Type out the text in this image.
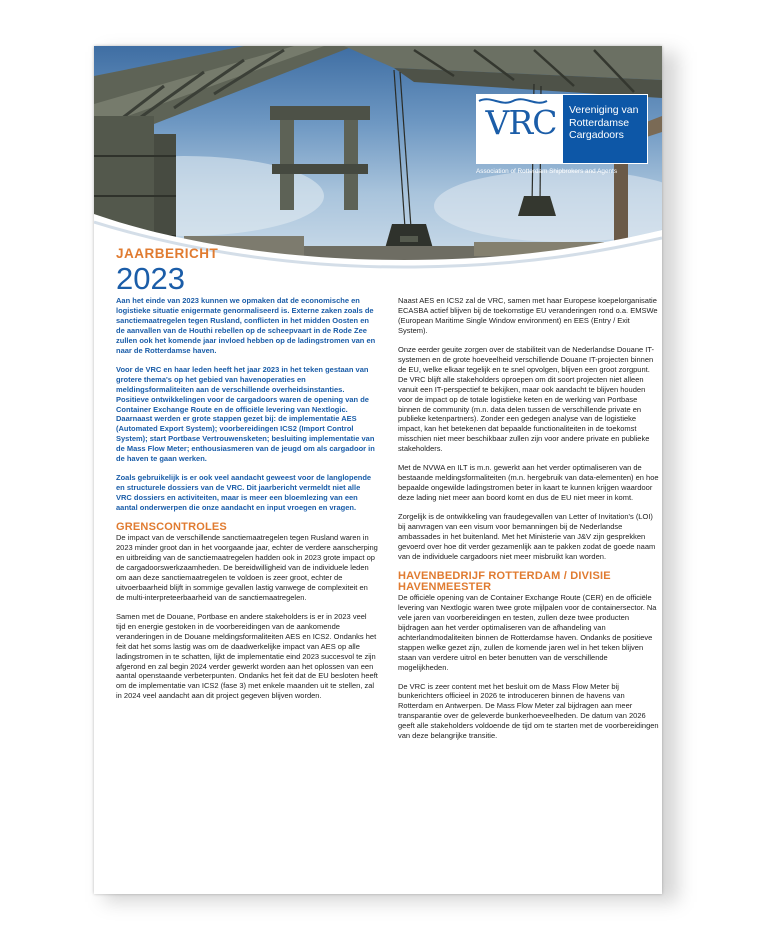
VRC	Vereniging van Rotterdamse Cargadoors
Association of Rotterdam Shipbrokers and Agents
JAARBERICHT
2023

Aan het einde van 2023 kunnen we opmaken dat de economische en logistieke situatie enigermate genormaliseerd is. Externe zaken zoals de sanctiemaatregelen tegen Rusland, conflicten in het midden Oosten en de aanvallen van de Houthi rebellen op de scheepvaart in de Rode Zee zullen ook het komende jaar invloed hebben op de ladingstromen van en naar de Rotterdamse haven.

Voor de VRC en haar leden heeft het jaar 2023 in het teken gestaan van grotere thema's op het gebied van havenoperaties en meldingsformaliteiten aan de verschillende overheidsinstanties. Positieve ontwikkelingen voor de cargadoors waren de opening van de Container Exchange Route en de officiële levering van Nextlogic. Daarnaast werden er grote stappen gezet bij: de implementatie AES (Automated Export System); voorbereidingen ICS2 (Import Control System); start Portbase Vertrouwensketen; besluiting implementatie van de Mass Flow Meter; enthousiasmeren van de jeugd om als cargadoor in de haven te gaan werken.

Zoals gebruikelijk is er ook veel aandacht geweest voor de langlopende en structurele dossiers van de VRC. Dit jaarbericht vermeldt niet alle VRC dossiers en activiteiten, maar is meer een bloemlezing van een aantal onderwerpen die onze aandacht en input vroegen en vragen.

GRENSCONTROLES

De impact van de verschillende sanctiemaatregelen tegen Rusland waren in 2023 minder groot dan in het voorgaande jaar, echter de verdere aanscherping en uitbreiding van de sanctiemaatregelen hadden ook in 2023 grote impact op de cargadoorswerkzaamheden. De bereidwilligheid van de individuele leden om aan deze sanctiemaatregelen te voldoen is zeer groot, echter de uitvoerbaarheid blijft in sommige gevallen lastig vanwege de complexiteit en de multi-interpreteerbaarheid van de sanctiemaatregelen.

Samen met de Douane, Portbase en andere stakeholders is er in 2023 veel tijd en energie gestoken in de voorbereidingen van de aankomende veranderingen in de Douane meldingsformaliteiten AES en ICS2. Ondanks het feit dat het soms lastig was om de daadwerkelijke impact van AES op alle ladingstromen in te schatten, lijkt de implementatie eind 2023 succesvol te zijn afgerond en zal begin 2024 verder gewerkt worden aan het oplossen van een aantal openstaande verbeterpunten. Ondanks het feit dat de EU besloten heeft om de implementatie van ICS2 (fase 3) met enkele maanden uit te stellen, zal in 2024 veel aandacht aan dit project gegeven blijven worden.

Naast AES en ICS2 zal de VRC, samen met haar Europese koepelorganisatie ECASBA actief blijven bij de toekomstige EU veranderingen rond o.a. EMSWe (European Maritime Single Window environment) en EES (Entry / Exit System).

Onze eerder geuite zorgen over de stabiliteit van de Nederlandse Douane IT-systemen en de grote hoeveelheid verschillende Douane IT-projecten binnen de EU, welke elkaar tegelijk en te snel opvolgen, blijven een groot zorgpunt. De VRC blijft alle stakeholders oproepen om dit soort projecten niet alleen vanuit een IT-perspectief te bekijken, maar ook aandacht te blijven houden voor de impact op de totale logistieke keten en de werking van Portbase binnen de community (m.n. data delen tussen de verschillende private en publieke ketenpartners). Zonder een gedegen analyse van de logistieke impact, kan het betekenen dat bepaalde functionaliteiten in de toekomst misschien niet meer beschikbaar zullen zijn voor andere private en publieke stakeholders.

Met de NVWA en ILT is m.n. gewerkt aan het verder optimaliseren van de bestaande meldingsformaliteiten (m.n. hergebruik van data-elementen) en hoe bepaalde ongewilde ladingstromen beter in kaart te kunnen krijgen waardoor deze lading niet meer aan boord komt en dus de EU niet meer in komt.

Zorgelijk is de ontwikkeling van fraudegevallen van Letter of Invitation's (LOI) bij aanvragen van een visum voor bemanningen bij de Nederlandse ambassades in het buitenland. Met het Ministerie van J&V zijn gesprekken gevoerd over hoe dit verder gezamenlijk aan te pakken zodat de goede naam van de individuele cargadoors niet meer misbruikt kan worden.

HAVENBEDRIJF ROTTERDAM / DIVISIE HAVENMEESTER

De officiële opening van de Container Exchange Route (CER) en de officiële levering van Nextlogic waren twee grote mijlpalen voor de containersector. Na vele jaren van voorbereidingen en testen, zullen deze twee producten bijdragen aan het verder optimaliseren van de afhandeling van achterlandmodaliteiten binnen de Rotterdamse haven. Ondanks de positieve stappen welke gezet zijn, zullen de komende jaren wel in het teken blijven staan van verdere uitrol en beter benutten van de verschillende mogelijkheden.

De VRC is zeer content met het besluit om de Mass Flow Meter bij bunkerichters officieel in 2026 te introduceren binnen de havens van Rotterdam en Antwerpen. De Mass Flow Meter zal bijdragen aan meer transparantie over de geleverde bunkerhoeveelheden. De datum van 2026 geeft alle stakeholders voldoende de tijd om te starten met de voorbereidingen van deze belangrijke transitie.
